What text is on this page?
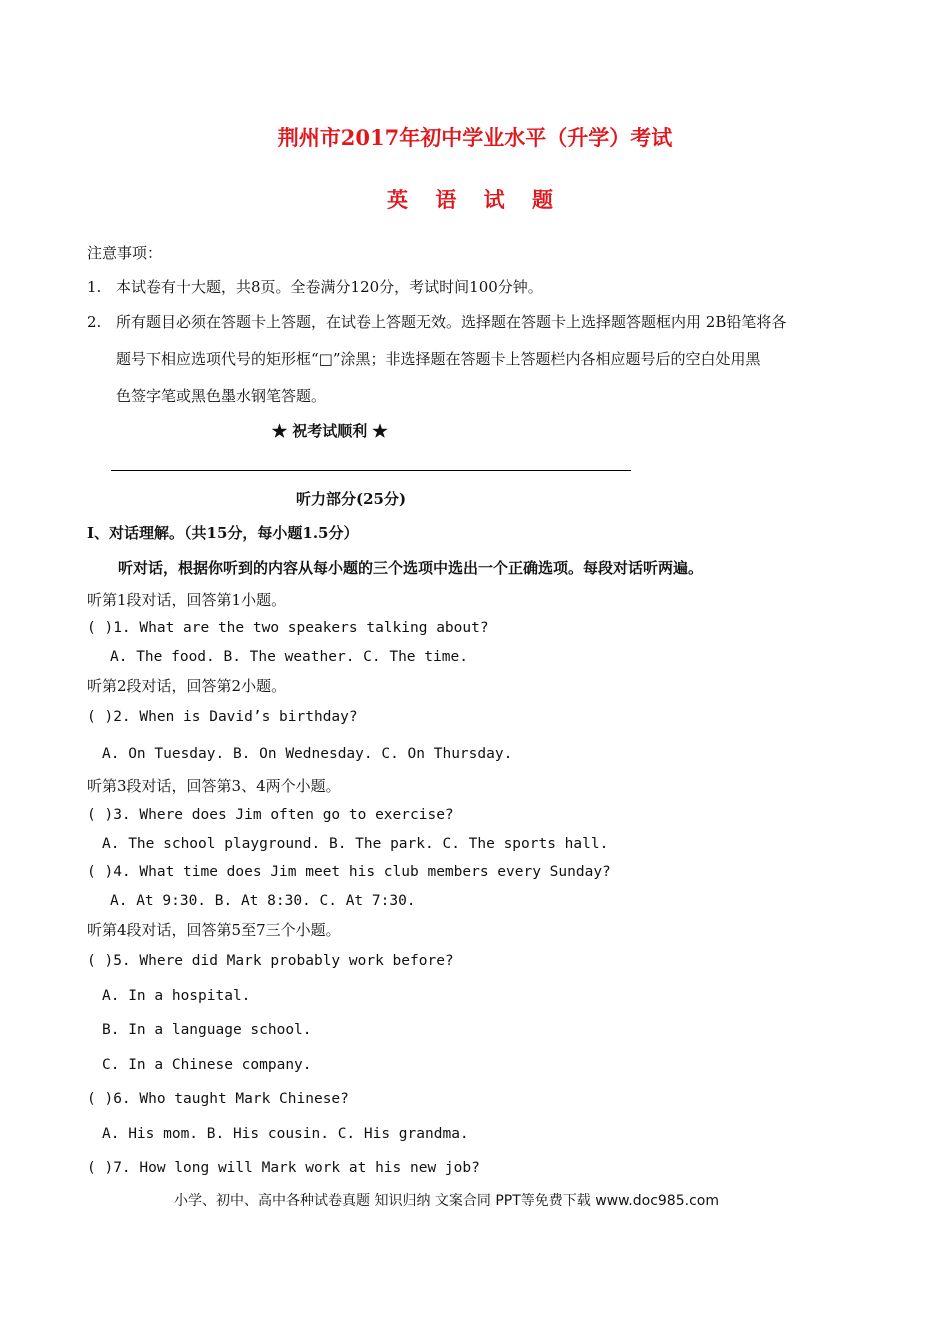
荆州市2017年初中学业水平（升学）考试
英 语 试 题
注意事项：
1. 本试卷有十大题，共8页。全卷满分120分，考试时间100分钟。
2. 所有题目必须在答题卡上答题，在试卷上答题无效。选择题在答题卡上选择题答题框内用 2B铅笔将各
题号下相应选项代号的矩形框“□”涂黑；非选择题在答题卡上答题栏内各相应题号后的空白处用黑
色签字笔或黑色墨水钢笔答题。
★ 祝考试顺利 ★
听力部分(25分)
Ⅰ、对话理解。（共15分，每小题1.5分）
听对话，根据你听到的内容从每小题的三个选项中选出一个正确选项。每段对话听两遍。
听第1段对话，回答第1小题。
( )1. What are the two speakers talking about?
A. The food. B. The weather. C. The time.
听第2段对话，回答第2小题。
( )2. When is David’s birthday?
A. On Tuesday. B. On Wednesday. C. On Thursday.
听第3段对话，回答第3、4两个小题。
( )3. Where does Jim often go to exercise?
A. The school playground. B. The park. C. The sports hall.
( )4. What time does Jim meet his club members every Sunday?
A. At 9:30. B. At 8:30. C. At 7:30.
听第4段对话，回答第5至7三个小题。
( )5. Where did Mark probably work before?
A. In a hospital.
B. In a language school.
C. In a Chinese company.
( )6. Who taught Mark Chinese?
A. His mom. B. His cousin. C. His grandma.
( )7. How long will Mark work at his new job?
小学、初中、高中各种试卷真题 知识归纳 文案合同 PPT等免费下载 www.doc985.com
